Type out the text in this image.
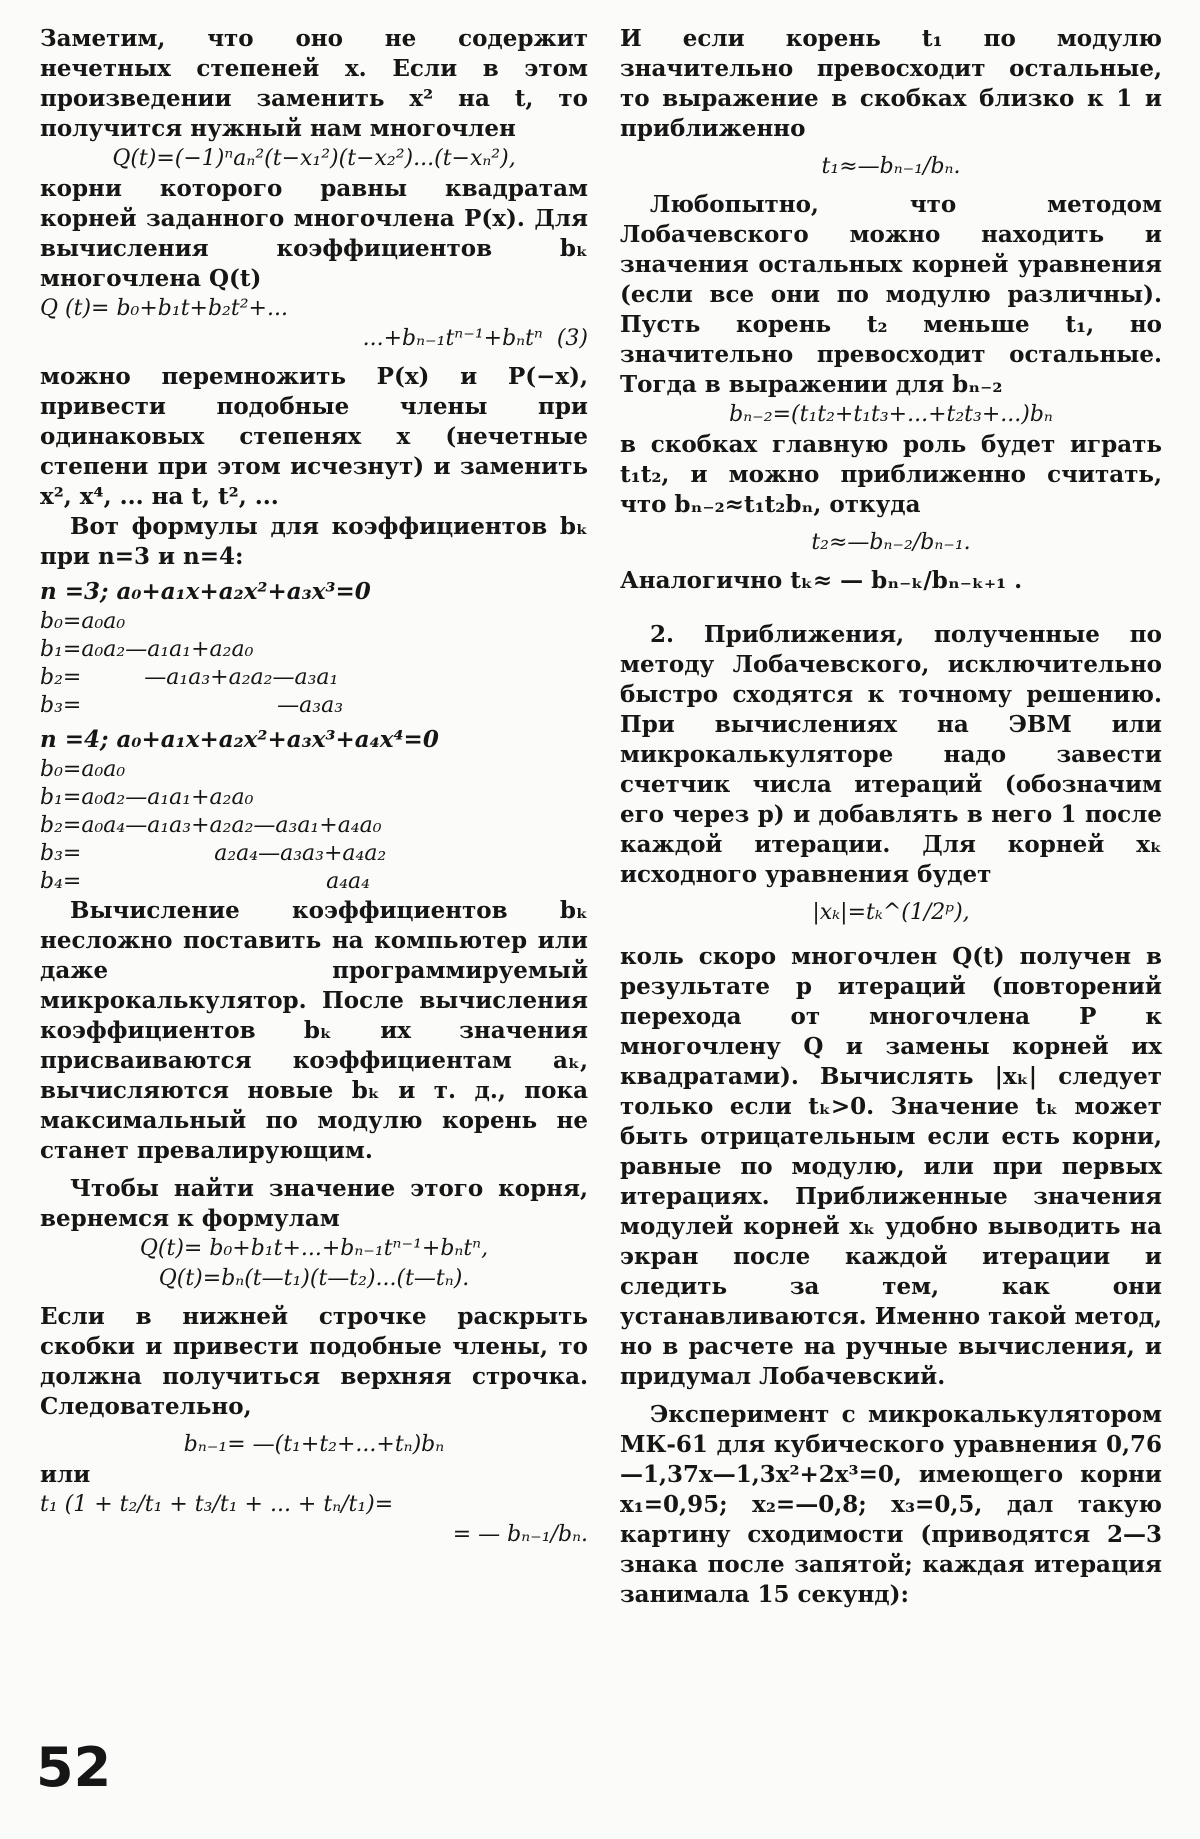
Заметим, что оно не содержит нечетных степеней x. Если в этом произведении заменить x² на t, то получится нужный нам многочлен

Q(t)=(−1)ⁿaₙ²(t−x₁²)(t−x₂²)...(t−xₙ²),

корни которого равны квадратам корней заданного многочлена P(x). Для вычисления коэффициентов bₖ многочлена Q(t)

Q (t)= b₀+b₁t+b₂t²+...
...+bₙ₋₁tⁿ⁻¹+bₙtⁿ  (3)

можно перемножить P(x) и P(−x), привести подобные члены при одинаковых степенях x (нечетные степени при этом исчезнут) и заменить x², x⁴, ... на t, t², ...

Вот формулы для коэффициентов bₖ при n=3 и n=4:

n =3; a₀+a₁x+a₂x²+a₃x³=0
b₀=a₀a₀
b₁=a₀a₂—a₁a₁+a₂a₀
b₂=         —a₁a₃+a₂a₂—a₃a₁
b₃=                            —a₃a₃
n =4; a₀+a₁x+a₂x²+a₃x³+a₄x⁴=0
b₀=a₀a₀
b₁=a₀a₂—a₁a₁+a₂a₀
b₂=a₀a₄—a₁a₃+a₂a₂—a₃a₁+a₄a₀
b₃=                   a₂a₄—a₃a₃+a₄a₂
b₄=                                   a₄a₄

Вычисление коэффициентов bₖ несложно поставить на компьютер или даже программируемый микрокалькулятор. После вычисления коэффициентов bₖ их значения присваиваются коэффициентам aₖ, вычисляются новые bₖ и т. д., пока максимальный по модулю корень не станет превалирующим.

Чтобы найти значение этого корня, вернемся к формулам

Q(t)= b₀+b₁t+...+bₙ₋₁tⁿ⁻¹+bₙtⁿ,
Q(t)=bₙ(t—t₁)(t—t₂)...(t—tₙ).

Если в нижней строчке раскрыть скобки и привести подобные члены, то должна получиться верхняя строчка. Следовательно,

bₙ₋₁= —(t₁+t₂+...+tₙ)bₙ

или

t₁ (1 + t₂/t₁ + t₃/t₁ + ... + tₙ/t₁)=
= — bₙ₋₁/bₙ.

И если корень t₁ по модулю значительно превосходит остальные, то выражение в скобках близко к 1 и приближенно

t₁≈—bₙ₋₁/bₙ.

Любопытно, что методом Лобачевского можно находить и значения остальных корней уравнения (если все они по модулю различны). Пусть корень t₂ меньше t₁, но значительно превосходит остальные. Тогда в выражении для bₙ₋₂

bₙ₋₂=(t₁t₂+t₁t₃+...+t₂t₃+...)bₙ

в скобках главную роль будет играть t₁t₂, и можно приближенно считать, что bₙ₋₂≈t₁t₂bₙ, откуда

t₂≈—bₙ₋₂/bₙ₋₁.

Аналогично tₖ≈ — bₙ₋ₖ/bₙ₋ₖ₊₁ .

2. Приближения, полученные по методу Лобачевского, исключительно быстро сходятся к точному решению. При вычислениях на ЭВМ или микрокалькуляторе надо завести счетчик числа итераций (обозначим его через p) и добавлять в него 1 после каждой итерации. Для корней xₖ исходного уравнения будет

|xₖ|=tₖ^(1/2ᵖ),

коль скоро многочлен Q(t) получен в результате p итераций (повторений перехода от многочлена P к многочлену Q и замены корней их квадратами). Вычислять |xₖ| следует только если tₖ>0. Значение tₖ может быть отрицательным если есть корни, равные по модулю, или при первых итерациях. Приближенные значения модулей корней xₖ удобно выводить на экран после каждой итерации и следить за тем, как они устанавливаются. Именно такой метод, но в расчете на ручные вычисления, и придумал Лобачевский.

Эксперимент с микрокалькулятором МК-61 для кубического уравнения 0,76—1,37x—1,3x²+2x³=0, имеющего корни x₁=0,95; x₂=—0,8; x₃=0,5, дал такую картину сходимости (приводятся 2—3 знака после запятой; каждая итерация занимала 15 секунд):

52
